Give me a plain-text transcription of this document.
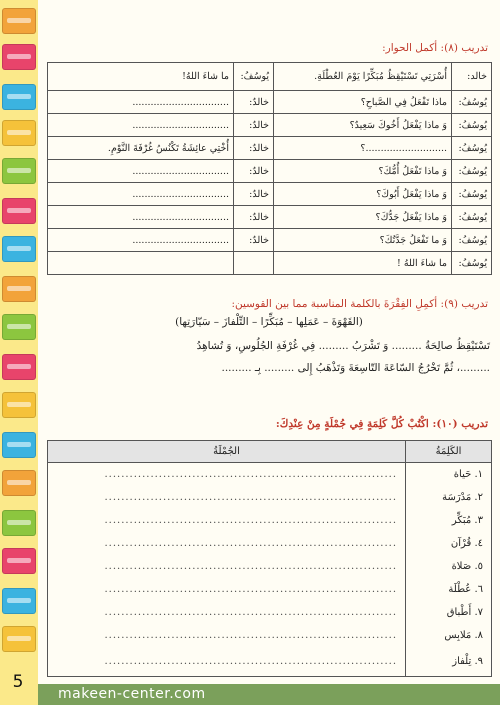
5
تدريب (٨): أكمل الحوار:
خالد:	أُسْرَتِي تَسْتَيْقِظُ مُبَكِّرًا يَوْمَ العُطْلَةِ.	يُوسُفُ:	ما شاءَ اللهُ!
يُوسُفُ:	ماذا تَفْعَلُ فِي الصَّباحِ؟	خالدٌ:	................................
يُوسُفُ:	وَ ماذا يَفْعَلُ أَخُوكَ سَعِيدٌ؟	خالدٌ:	................................
يُوسُفُ:	...........................؟	خالدٌ:	أُخْتِي عائِشَةُ تَكْنُسُ غُرْفَةَ النَّوْمِ.
يُوسُفُ:	وَ ماذا تَفْعَلُ أُمُّكَ؟	خالدٌ:	................................
يُوسُفُ:	وَ ماذا يَفْعَلُ أَبُوكَ؟	خالدٌ:	................................
يُوسُفُ:	وَ ماذا يَفْعَلُ جَدُّكَ؟	خالدٌ:	................................
يُوسُفُ:	وَ ما تَفْعَلُ جَدَّتُكَ؟	خالدٌ:	................................
يُوسُفُ:	ما شاءَ اللهُ !		
تدريب (٩): أكمِلِ الفِقْرَةَ بالكلمة المناسبة مما بين القوسين:
(القَهْوَةَ – عَمَلِها – مُبَكِّرًا – التِّلْفازَ – سَيّارَتِها)
تَسْتَيْقِظُ صالِحَةُ ......... وَ تَشْرَبُ ......... فِي غُرْفَةِ الجُلُوسِ، وَ تُشاهِدُ
.........، ثُمَّ تَخْرُجُ السّاعَةَ التّاسِعَةَ وَتَذْهَبُ إِلى ......... بِـ .........
تدريب (١٠): اكْتُبْ كُلَّ كَلِمَةٍ فِي جُمْلَةٍ مِنْ عِنْدِكَ:
الكَلِمَةُ	الجُمْلَةُ
١. حَياة	......................................................................
٢. مَدْرَسَة	......................................................................
٣. مُبَكِّر	......................................................................
٤. قُرْآن	......................................................................
٥. صَلاة	......................................................................
٦. عُطْلَة	......................................................................
٧. أَطْباق	......................................................................
٨. مَلابِس	......................................................................
٩. تِلْفاز	......................................................................
makeen-center.com
